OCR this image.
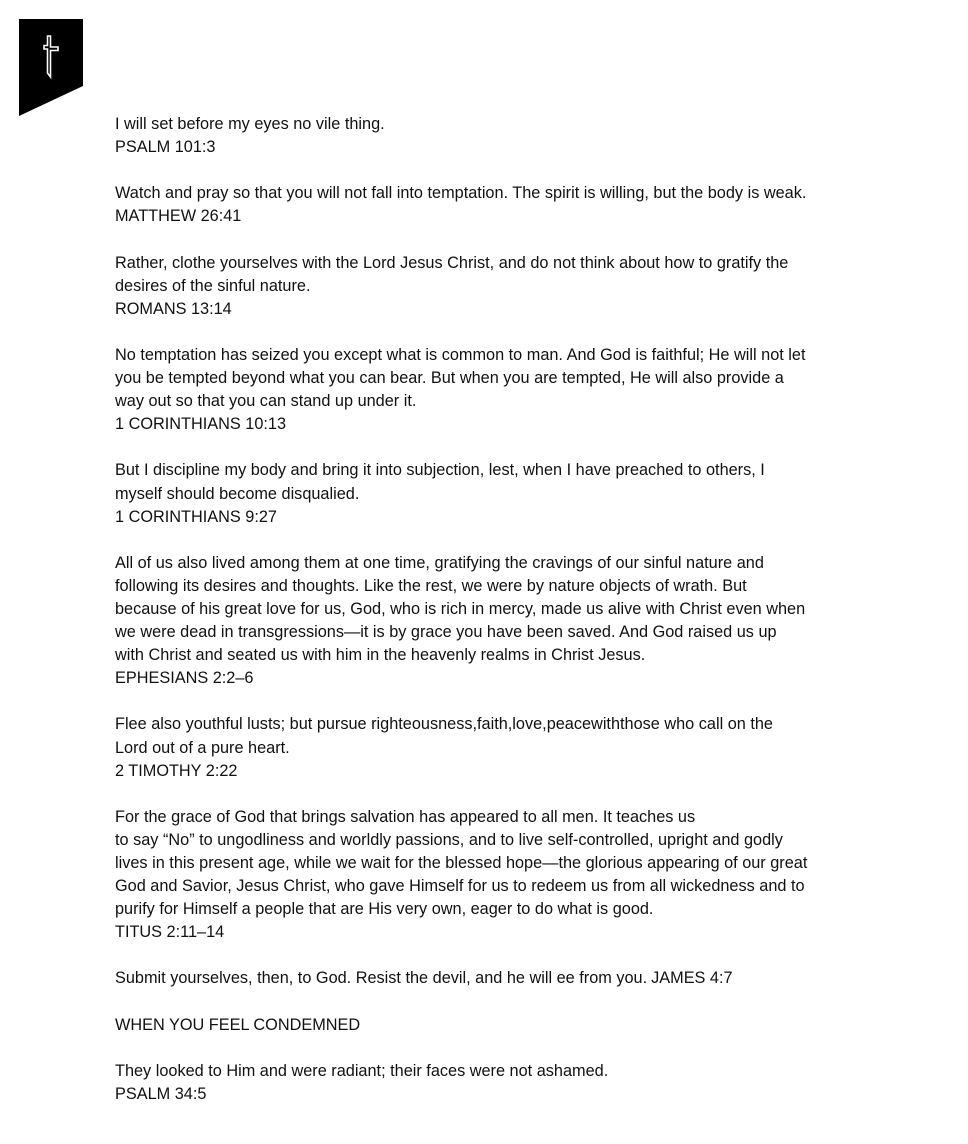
I will set before my eyes no vile thing.
PSALM 101:3
Watch and pray so that you will not fall into temptation. The spirit is willing, but the body is weak.
MATTHEW 26:41
Rather, clothe yourselves with the Lord Jesus Christ, and do not think about how to gratify the
desires of the sinful nature.
ROMANS 13:14
No temptation has seized you except what is common to man. And God is faithful; He will not let
you be tempted beyond what you can bear. But when you are tempted, He will also provide a
way out so that you can stand up under it.
1 CORINTHIANS 10:13
But I discipline my body and bring it into subjection, lest, when I have preached to others, I
myself should become disqualied.
1 CORINTHIANS 9:27
All of us also lived among them at one time, gratifying the cravings of our sinful nature and
following its desires and thoughts. Like the rest, we were by nature objects of wrath. But
because of his great love for us, God, who is rich in mercy, made us alive with Christ even when
we were dead in transgressions—it is by grace you have been saved. And God raised us up
with Christ and seated us with him in the heavenly realms in Christ Jesus.
EPHESIANS 2:2–6
Flee also youthful lusts; but pursue righteousness,faith,love,peacewiththose who call on the
Lord out of a pure heart.
2 TIMOTHY 2:22
For the grace of God that brings salvation has appeared to all men. It teaches us
to say “No” to ungodliness and worldly passions, and to live self-controlled, upright and godly
lives in this present age, while we wait for the blessed hope—the glorious appearing of our great
God and Savior, Jesus Christ, who gave Himself for us to redeem us from all wickedness and to
purify for Himself a people that are His very own, eager to do what is good.
TITUS 2:11–14
Submit yourselves, then, to God. Resist the devil, and he will ee from you. JAMES 4:7
WHEN YOU FEEL CONDEMNED
They looked to Him and were radiant; their faces were not ashamed.
PSALM 34:5
